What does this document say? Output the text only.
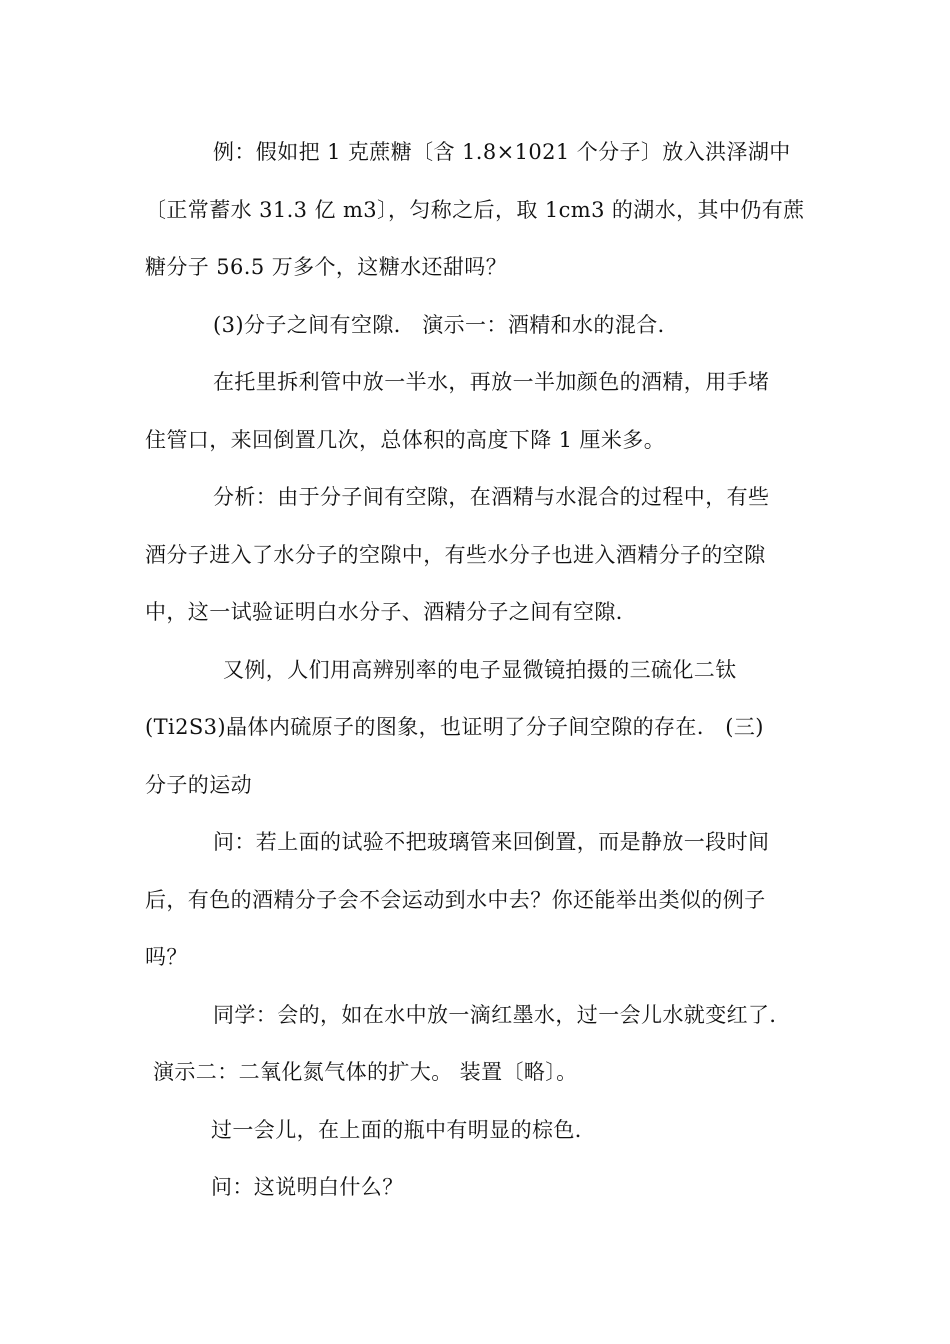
例：假如把 1 克蔗糖〔含 1.8×1021 个分子〕放入洪泽湖中
〔正常蓄水 31.3 亿 m3〕，匀称之后，取 1cm3 的湖水，其中仍有蔗
糖分子 56.5 万多个，这糖水还甜吗？
(3)分子之间有空隙． 演示一：酒精和水的混合．
在托里拆利管中放一半水，再放一半加颜色的酒精，用手堵
住管口，来回倒置几次，总体积的高度下降 1 厘米多。
分析：由于分子间有空隙，在酒精与水混合的过程中，有些
酒分子进入了水分子的空隙中，有些水分子也进入酒精分子的空隙
中，这一试验证明白水分子、酒精分子之间有空隙．
又例，人们用高辨别率的电子显微镜拍摄的三硫化二钛
(Ti2S3)晶体内硫原子的图象，也证明了分子间空隙的存在． (三)
分子的运动
问：若上面的试验不把玻璃管来回倒置，而是静放一段时间
后，有色的酒精分子会不会运动到水中去？你还能举出类似的例子
吗？
同学：会的，如在水中放一滴红墨水，过一会儿水就变红了．
演示二：二氧化氮气体的扩大。 装置〔略〕。
过一会儿，在上面的瓶中有明显的棕色．
问：这说明白什么？
